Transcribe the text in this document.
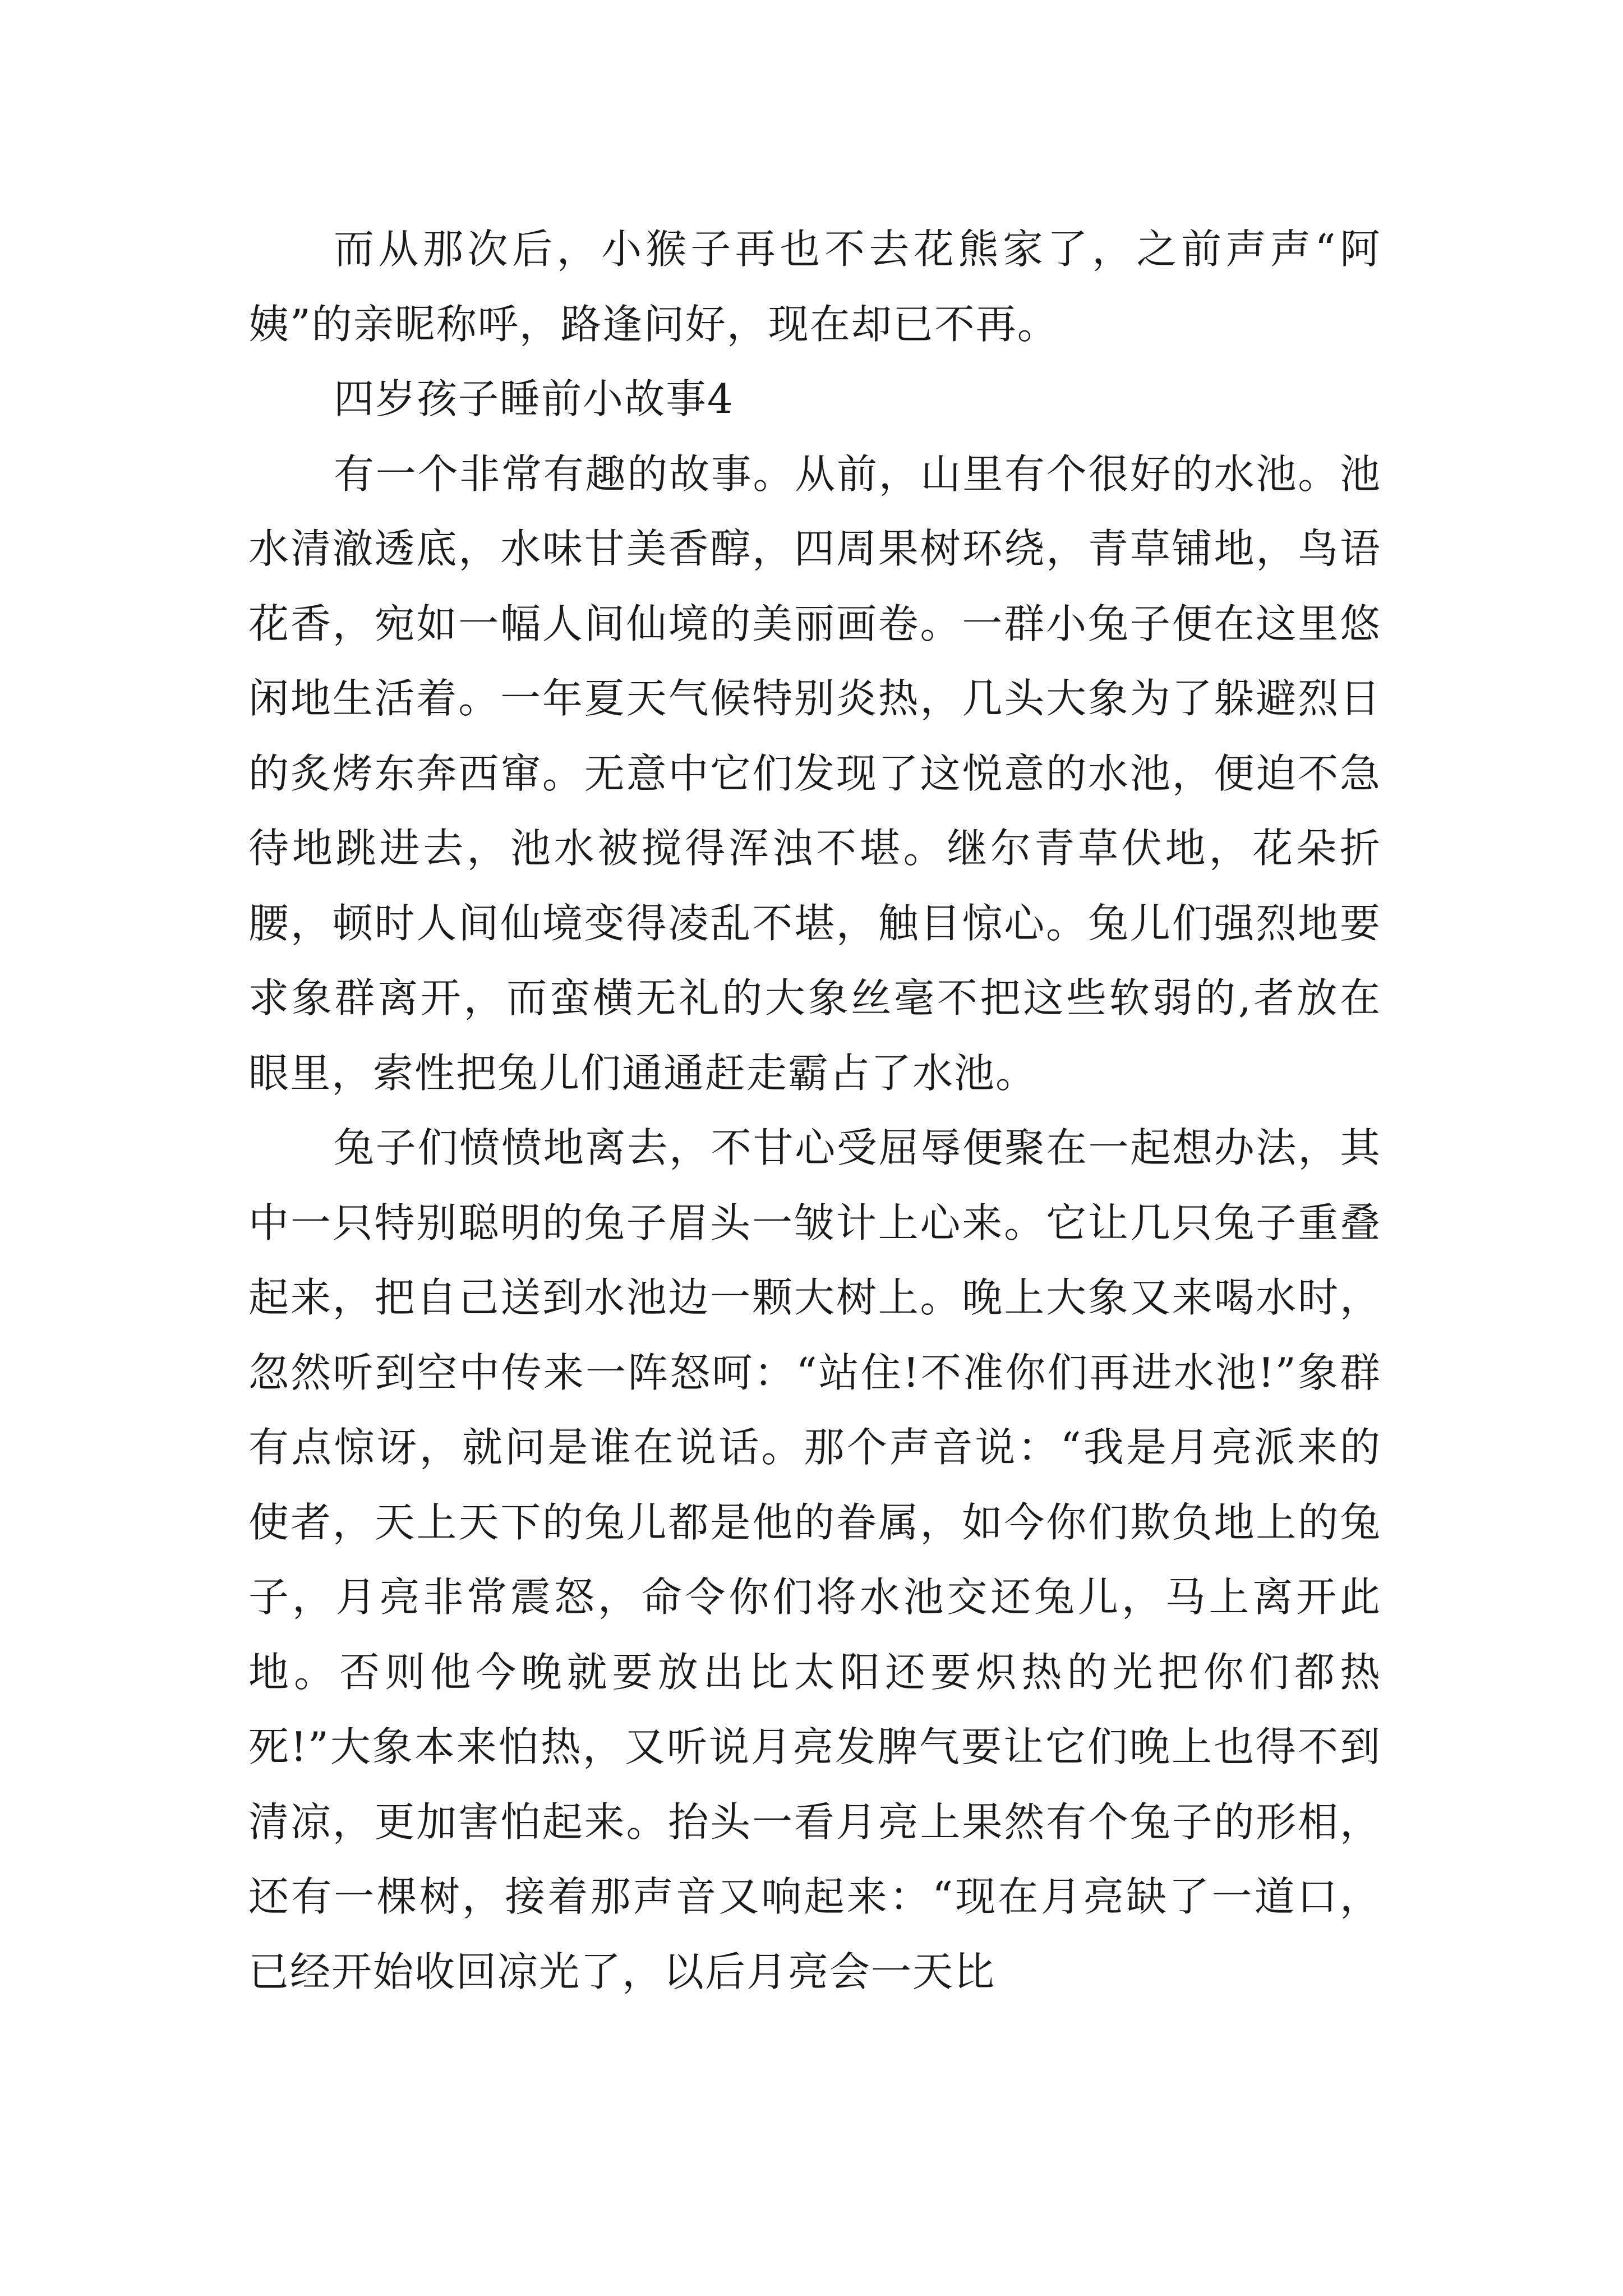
而从那次后，小猴子再也不去花熊家了，之前声声“阿姨”的亲昵称呼，路逢问好，现在却已不再。

四岁孩子睡前小故事4

有一个非常有趣的故事。从前，山里有个很好的水池。池水清澈透底，水味甘美香醇，四周果树环绕，青草铺地，鸟语花香，宛如一幅人间仙境的美丽画卷。一群小兔子便在这里悠闲地生活着。一年夏天气候特别炎热，几头大象为了躲避烈日的炙烤东奔西窜。无意中它们发现了这悦意的水池，便迫不急待地跳进去，池水被搅得浑浊不堪。继尔青草伏地，花朵折腰，顿时人间仙境变得凌乱不堪，触目惊心。兔儿们强烈地要求象群离开，而蛮横无礼的大象丝毫不把这些软弱的,者放在眼里，索性把兔儿们通通赶走霸占了水池。

兔子们愤愤地离去，不甘心受屈辱便聚在一起想办法，其中一只特别聪明的兔子眉头一皱计上心来。它让几只兔子重叠起来，把自己送到水池边一颗大树上。晚上大象又来喝水时，忽然听到空中传来一阵怒呵：“站住!不准你们再进水池!”象群有点惊讶，就问是谁在说话。那个声音说：“我是月亮派来的使者，天上天下的兔儿都是他的眷属，如今你们欺负地上的兔子，月亮非常震怒，命令你们将水池交还兔儿，马上离开此地。否则他今晚就要放出比太阳还要炽热的光把你们都热死!”大象本来怕热，又听说月亮发脾气要让它们晚上也得不到清凉，更加害怕起来。抬头一看月亮上果然有个兔子的形相，还有一棵树，接着那声音又响起来：“现在月亮缺了一道口，已经开始收回凉光了，以后月亮会一天比
